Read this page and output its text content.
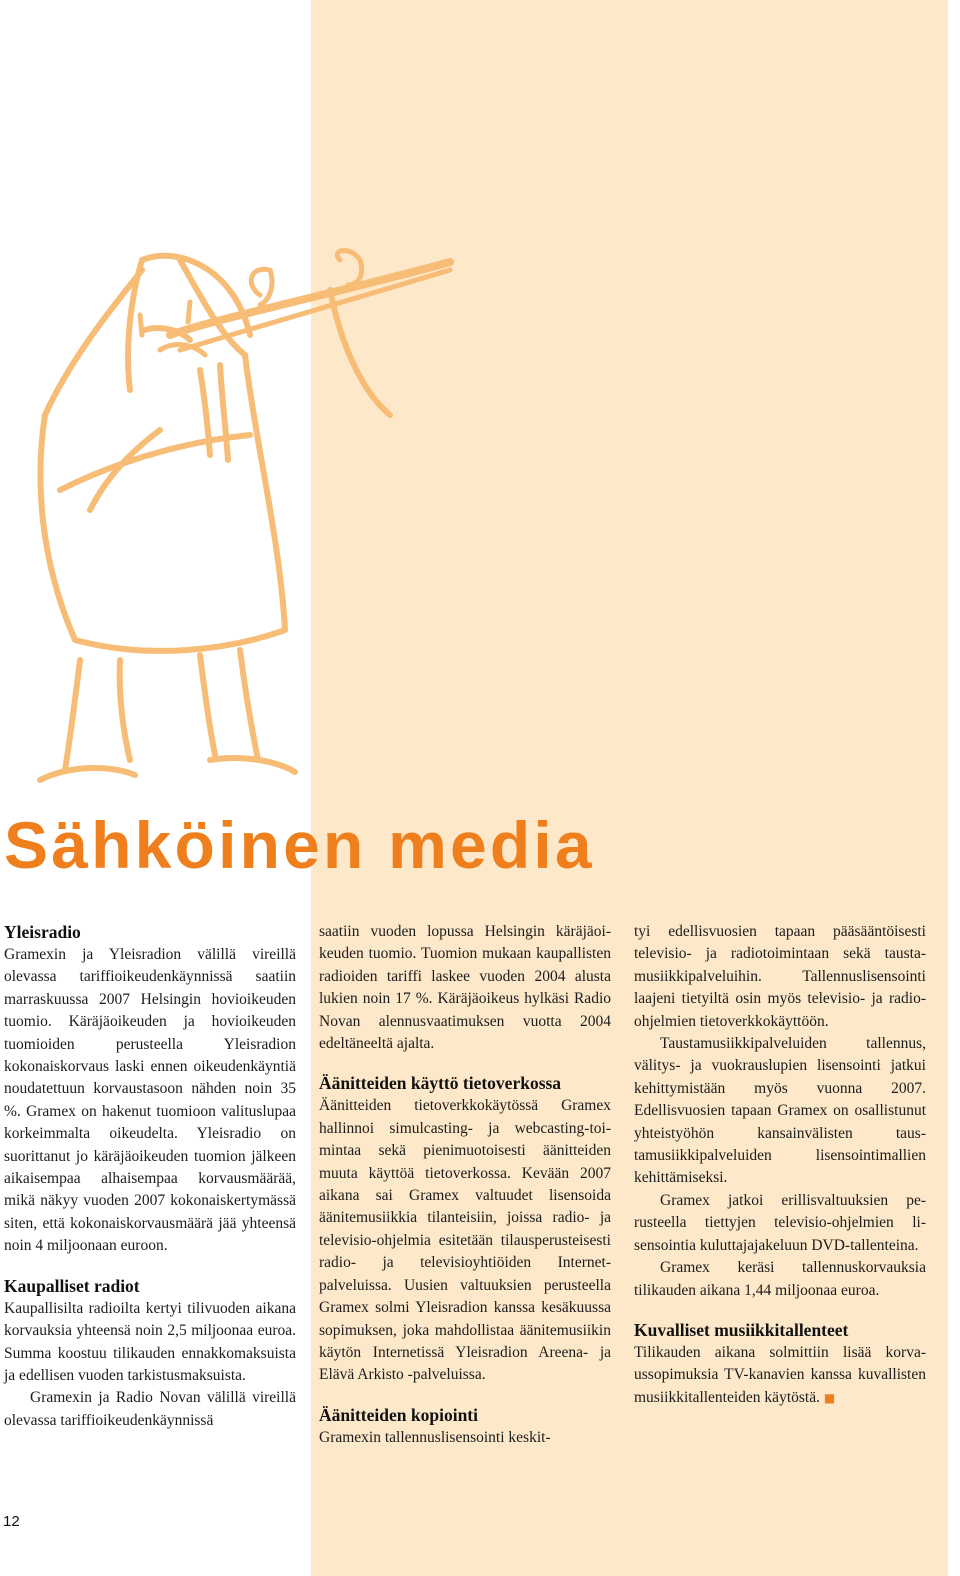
Sähköinen media
Yleisradio

Gramexin ja Yleisradion välillä vireillä olevassa tariffioikeudenkäynnissä saatiin marraskuussa 2007 Helsingin hovioikeuden tuomio. Käräjäoikeuden ja hovioikeuden tuomioiden perusteella Yleisradion kokonaiskorvaus laski ennen oikeudenkäyntiä noudatettuun korvaustasoon nähden noin 35 %. Gramex on hakenut tuomioon valituslupaa korkeimmalta oikeudelta. Yleisradio on suorittanut jo käräjäoikeuden tuomion jälkeen aikaisempaa alhaisempaa korvausmäärää, mikä näkyy vuoden 2007 kokonaiskertymässä siten, että kokonaiskorvausmäärä jää yhteensä noin 4 miljoonaan euroon.

Kaupalliset radiot

Kaupallisilta radioilta kertyi tilivuoden aikana korvauksia yhteensä noin 2,5 miljoonaa euroa. Summa koostuu tilikauden ennakkomaksuista ja edellisen vuoden tarkistusmaksuista.

Gramexin ja Radio Novan välillä vireillä olevassa tariffioikeudenkäynnissä

saatiin vuoden lopussa Helsingin käräjäoikeuden tuomio. Tuomion mukaan kaupallisten radioiden tariffi laskee vuoden 2004 alusta lukien noin 17 %. Käräjäoikeus hylkäsi Radio Novan alennusvaatimuksen vuotta 2004 edeltäneeltä ajalta.

Äänitteiden käyttö tietoverkossa

Äänitteiden tietoverkkokäytössä Gramex hallinnoi simulcasting- ja webcasting-toimintaa sekä pienimuotoisesti äänitteiden muuta käyttöä tietoverkossa. Kevään 2007 aikana sai Gramex valtuudet lisensoida äänitemusiikkia tilanteisiin, joissa radio- ja televisio-ohjelmia esitetään tilausperusteisesti radio- ja televisioyhtiöiden Internet-palveluissa. Uusien valtuuksien perusteella Gramex solmi Yleisradion kanssa kesäkuussa sopimuksen, joka mahdollistaa äänitemusiikin käytön Internetissä Yleisradion Areena- ja Elävä Arkisto -palveluissa.

Äänitteiden kopiointi

Gramexin tallennuslisensointi keskit-

tyi edellisvuosien tapaan pääsääntöisesti televisio- ja radiotoimintaan sekä taustamusiikkipalveluihin. Tallennuslisensointi laajeni tietyiltä osin myös televisio- ja radio-ohjelmien tietoverkkokäyttöön.

Taustamusiikkipalveluiden tallennus, välitys- ja vuokrauslupien lisensointi jatkui kehittymistään myös vuonna 2007. Edellisvuosien tapaan Gramex on osallistunut yhteistyöhön kansainvälisten taustamusiikkipalveluiden lisensointimallien kehittämiseksi.

Gramex jatkoi erillisvaltuuksien perusteella tiettyjen televisio-ohjelmien lisensointia kuluttajajakeluun DVD-tallenteina.

Gramex keräsi tallennuskorvauksia tilikauden aikana 1,44 miljoonaa euroa.

Kuvalliset musiikkitallenteet

Tilikauden aikana solmittiin lisää korvaussopimuksia TV-kanavien kanssa kuvallisten musiikkitallenteiden käytöstä. ■

12
